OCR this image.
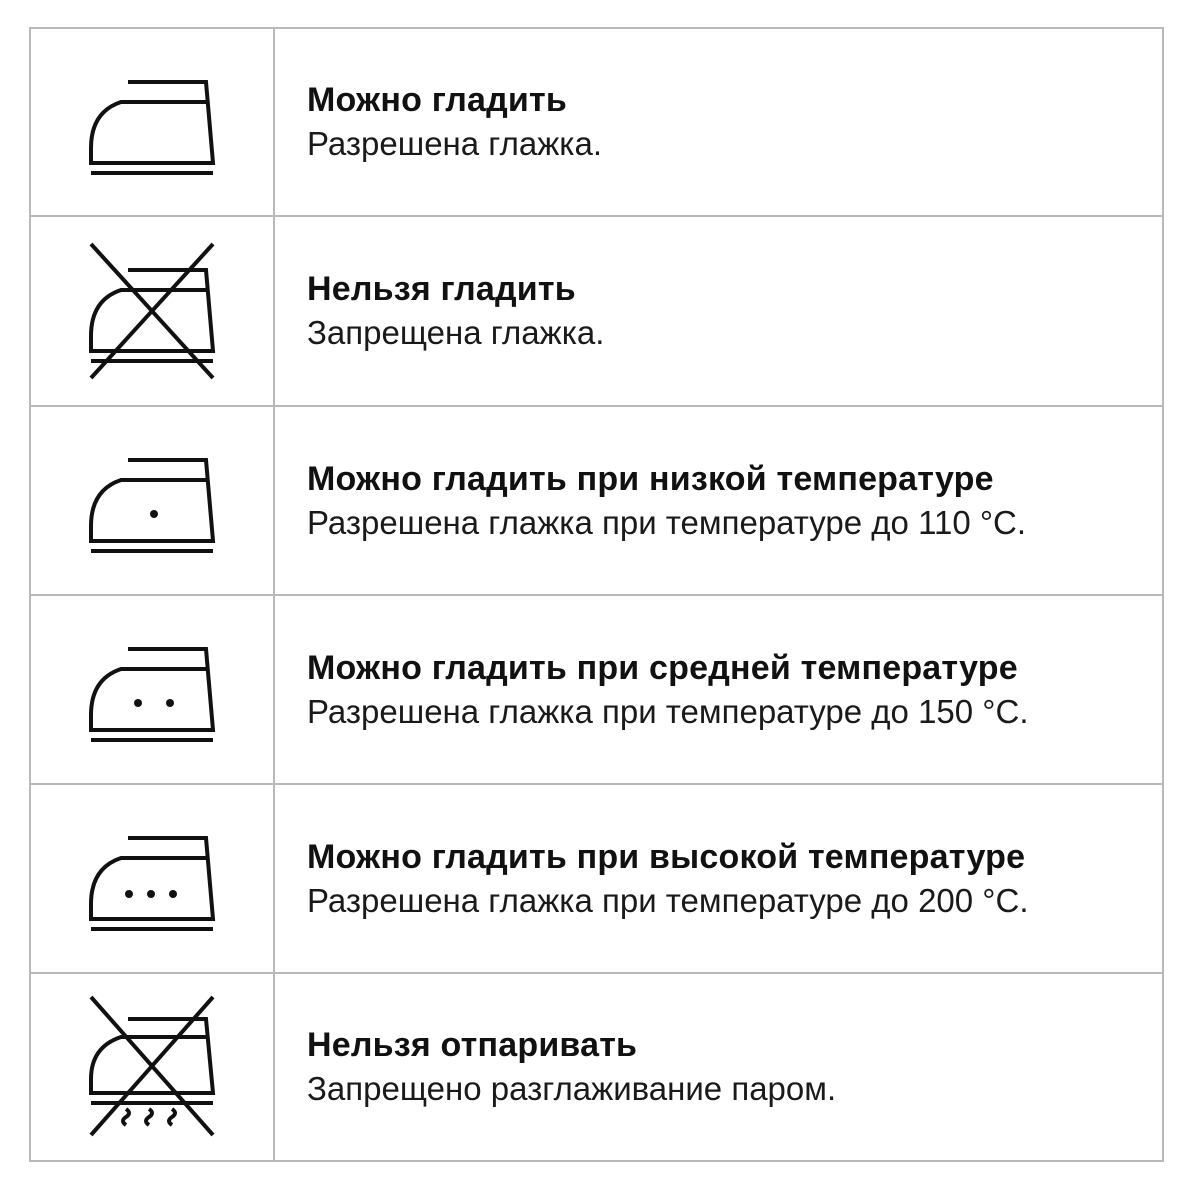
Можно гладить
Разрешена глажка.
Нельзя гладить
Запрещена глажка.
Можно гладить при низкой температуре
Разрешена глажка при температуре до 110 °С.
Можно гладить при средней температуре
Разрешена глажка при температуре до 150 °С.
Можно гладить при высокой температуре
Разрешена глажка при температуре до 200 °С.
Нельзя отпаривать
Запрещено разглаживание паром.
